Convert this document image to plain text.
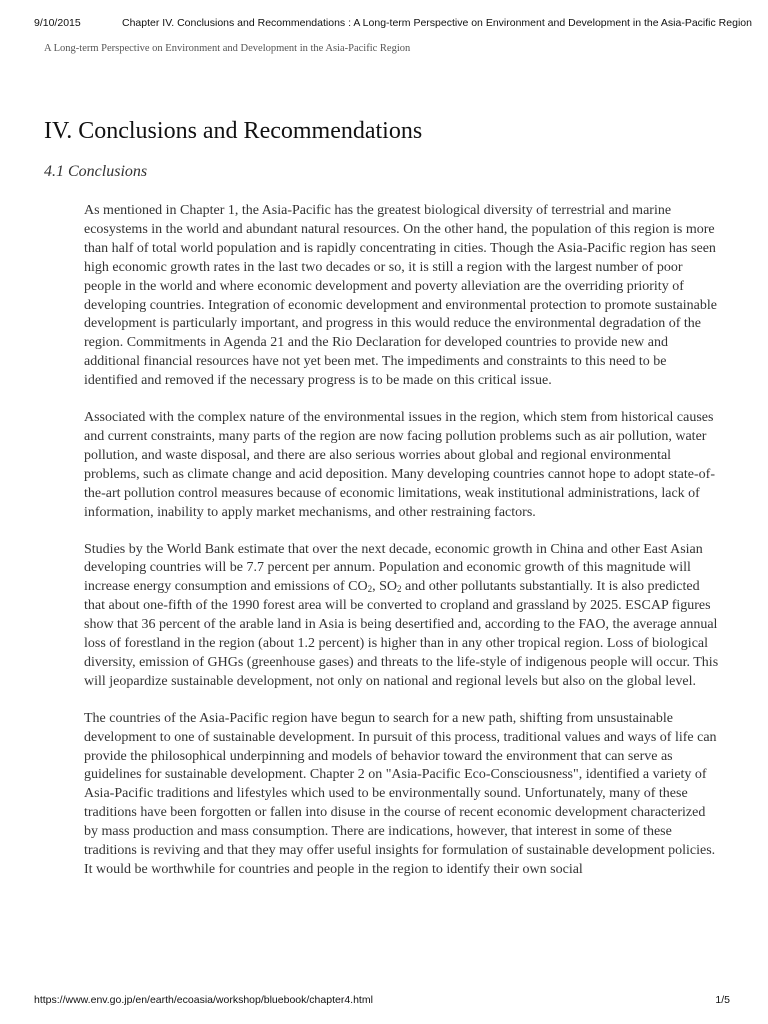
9/10/2015	Chapter IV. Conclusions and Recommendations : A Long-term Perspective on Environment and Development in the Asia-Pacific Region
A Long-term Perspective on Environment and Development in the Asia-Pacific Region
IV. Conclusions and Recommendations
4.1 Conclusions

As mentioned in Chapter 1, the Asia-Pacific has the greatest biological diversity of terrestrial and marine ecosystems in the world and abundant natural resources. On the other hand, the population of this region is more than half of total world population and is rapidly concentrating in cities. Though the Asia-Pacific region has seen high economic growth rates in the last two decades or so, it is still a region with the largest number of poor people in the world and where economic development and poverty alleviation are the overriding priority of developing countries. Integration of economic development and environmental protection to promote sustainable development is particularly important, and progress in this would reduce the environmental degradation of the region. Commitments in Agenda 21 and the Rio Declaration for developed countries to provide new and additional financial resources have not yet been met. The impediments and constraints to this need to be identified and removed if the necessary progress is to be made on this critical issue.

Associated with the complex nature of the environmental issues in the region, which stem from historical causes and current constraints, many parts of the region are now facing pollution problems such as air pollution, water pollution, and waste disposal, and there are also serious worries about global and regional environmental problems, such as climate change and acid deposition. Many developing countries cannot hope to adopt state-of-the-art pollution control measures because of economic limitations, weak institutional administrations, lack of information, inability to apply market mechanisms, and other restraining factors.

Studies by the World Bank estimate that over the next decade, economic growth in China and other East Asian developing countries will be 7.7 percent per annum. Population and economic growth of this magnitude will increase energy consumption and emissions of $CO_2$, $SO_2$ and other pollutants substantially. It is also predicted that about one-fifth of the 1990 forest area will be converted to cropland and grassland by 2025. ESCAP figures show that 36 percent of the arable land in Asia is being desertified and, according to the FAO, the average annual loss of forestland in the region (about 1.2 percent) is higher than in any other tropical region. Loss of biological diversity, emission of GHGs (greenhouse gases) and threats to the life-style of indigenous people will occur. This will jeopardize sustainable development, not only on national and regional levels but also on the global level.

The countries of the Asia-Pacific region have begun to search for a new path, shifting from unsustainable development to one of sustainable development. In pursuit of this process, traditional values and ways of life can provide the philosophical underpinning and models of behavior toward the environment that can serve as guidelines for sustainable development. Chapter 2 on "Asia-Pacific Eco-Consciousness", identified a variety of Asia-Pacific traditions and lifestyles which used to be environmentally sound. Unfortunately, many of these traditions have been forgotten or fallen into disuse in the course of recent economic development characterized by mass production and mass consumption. There are indications, however, that interest in some of these traditions is reviving and that they may offer useful insights for formulation of sustainable development policies. It would be worthwhile for countries and people in the region to identify their own social

https://www.env.go.jp/en/earth/ecoasia/workshop/bluebook/chapter4.html	1/5
